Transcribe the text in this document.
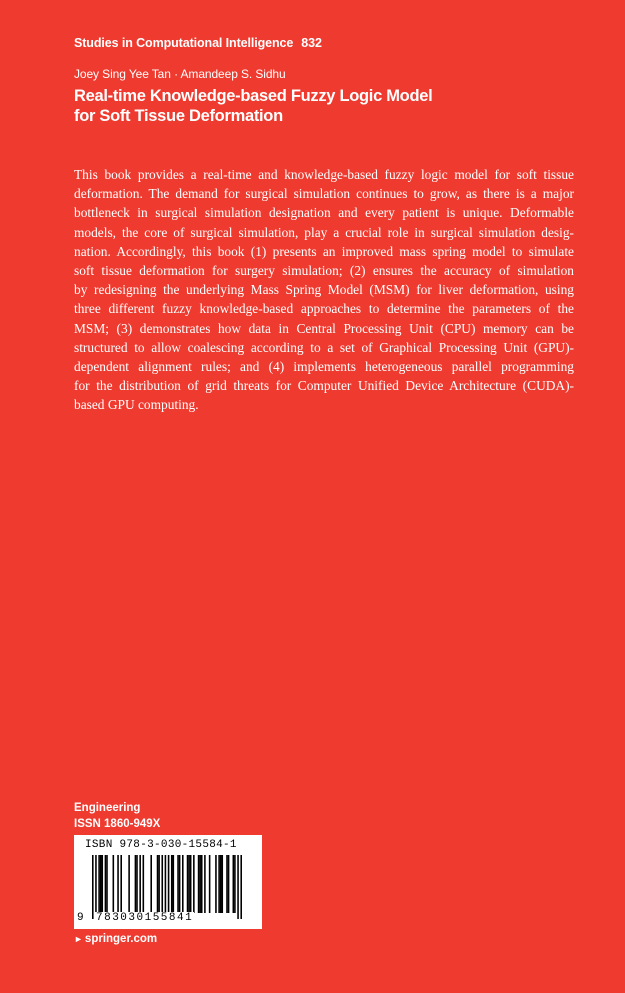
Studies in Computational Intelligence 832
Joey Sing Yee Tan · Amandeep S. Sidhu
Real-time Knowledge-based Fuzzy Logic Model
for Soft Tissue Deformation
This book provides a real-time and knowledge-based fuzzy logic model for soft tissue
deformation. The demand for surgical simulation continues to grow, as there is a major
bottleneck in surgical simulation designation and every patient is unique. Deformable
models, the core of surgical simulation, play a crucial role in surgical simulation desig-
nation. Accordingly, this book (1) presents an improved mass spring model to simulate
soft tissue deformation for surgery simulation; (2) ensures the accuracy of simulation
by redesigning the underlying Mass Spring Model (MSM) for liver deformation, using
three different fuzzy knowledge-based approaches to determine the parameters of the
MSM; (3) demonstrates how data in Central Processing Unit (CPU) memory can be
structured to allow coalescing according to a set of Graphical Processing Unit (GPU)-
dependent alignment rules; and (4) implements heterogeneous parallel programming
for the distribution of grid threats for Computer Unified Device Architecture (CUDA)-
based GPU computing.
Engineering
ISSN 1860-949X
ISBN 978-3-030-15584-1
9 783030155841
► springer.com
